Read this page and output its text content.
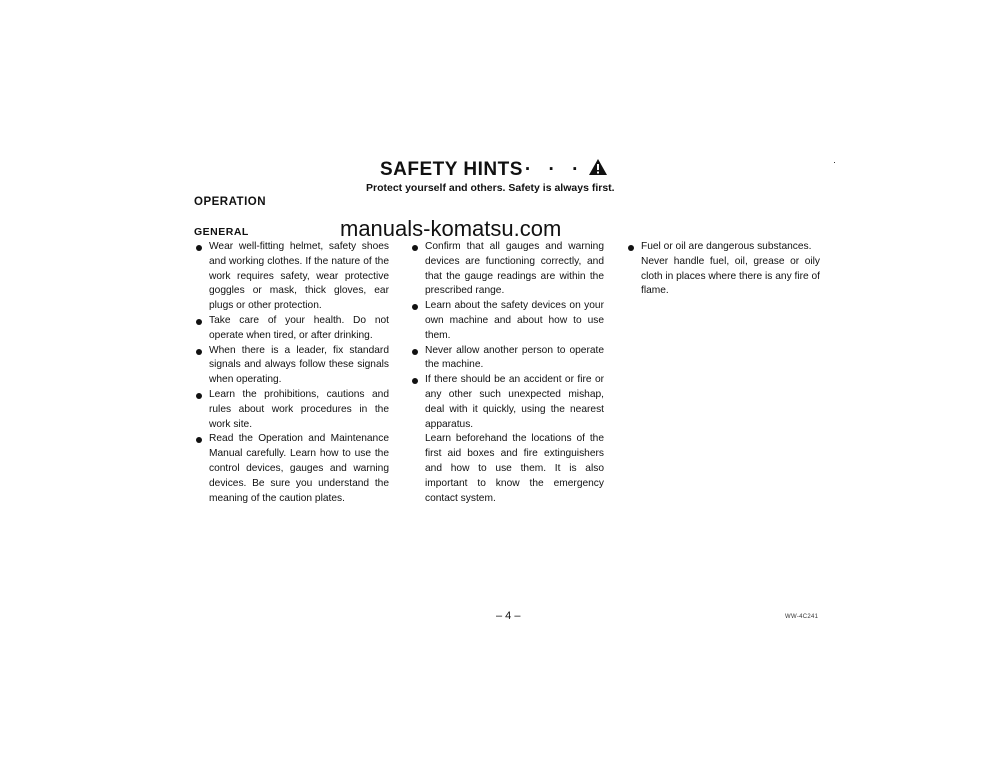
SAFETY HINTS · · ·
Protect yourself and others. Safety is always first.
OPERATION
GENERAL	manuals-komatsu.com
Wear well-fitting helmet, safety shoes and working clothes. If the nature of the work requires safety, wear protective goggles or mask, thick gloves, ear plugs or other protection.
Take care of your health. Do not operate when tired, or after drinking.
When there is a leader, fix standard signals and always follow these signals when operating.
Learn the prohibitions, cautions and rules about work procedures in the work site.
Read the Operation and Maintenance Manual carefully. Learn how to use the control devices, gauges and warning devices. Be sure you understand the meaning of the caution plates.
Confirm that all gauges and warning devices are functioning correctly, and that the gauge readings are within the prescribed range.
Learn about the safety devices on your own machine and about how to use them.
Never allow another person to operate the machine.
If there should be an accident or fire or any other such unexpected mishap, deal with it quickly, using the nearest apparatus.
Learn beforehand the locations of the first aid boxes and fire extinguishers and how to use them. It is also important to know the emergency contact system.
Fuel or oil are dangerous substances.
Never handle fuel, oil, grease or oily cloth in places where there is any fire of flame.
– 4 –	WW-4C241
